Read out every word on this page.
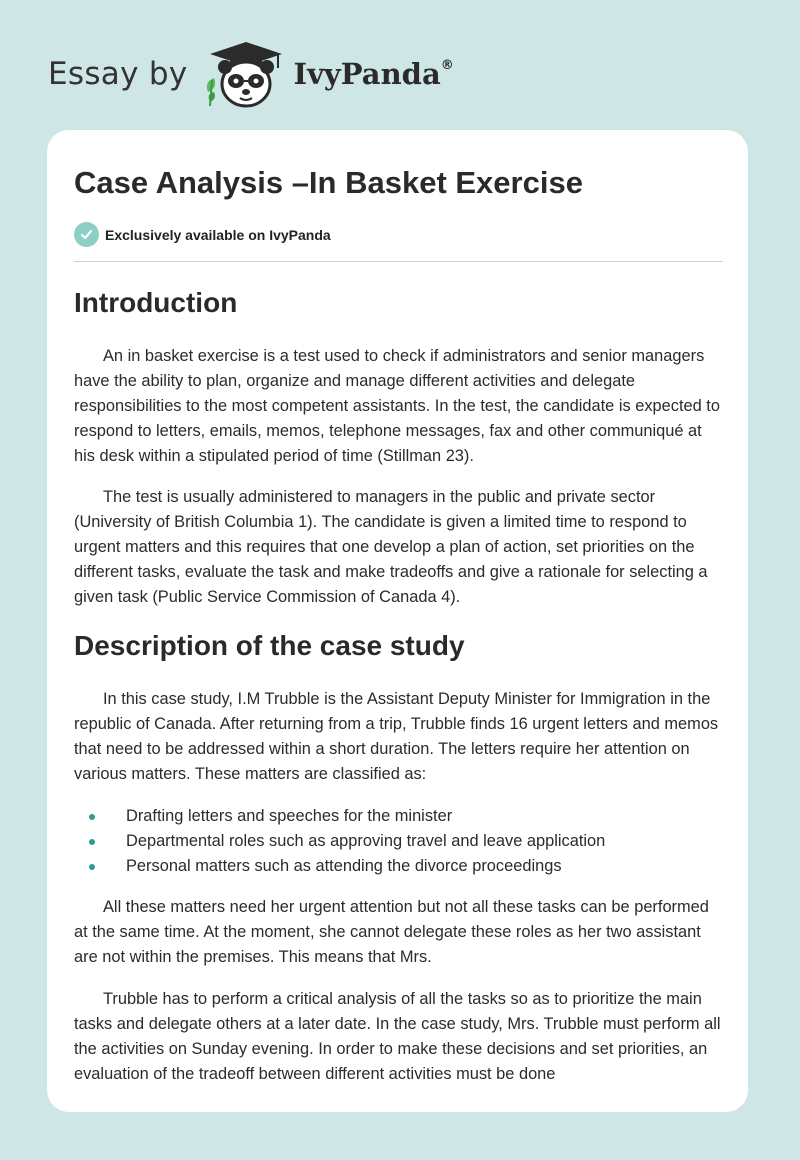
Essay by	IvyPanda®
Case Analysis –In Basket Exercise
Exclusively available on IvyPanda
Introduction

An in basket exercise is a test used to check if administrators and senior managers have the ability to plan, organize and manage different activities and delegate responsibilities to the most competent assistants. In the test, the candidate is expected to respond to letters, emails, memos, telephone messages, fax and other communiqué at his desk within a stipulated period of time (Stillman 23).

The test is usually administered to managers in the public and private sector (University of British Columbia 1). The candidate is given a limited time to respond to urgent matters and this requires that one develop a plan of action, set priorities on the different tasks, evaluate the task and make tradeoffs and give a rationale for selecting a given task (Public Service Commission of Canada 4).

Description of the case study

In this case study, I.M Trubble is the Assistant Deputy Minister for Immigration in the republic of Canada. After returning from a trip, Trubble finds 16 urgent letters and memos that need to be addressed within a short duration. The letters require her attention on various matters. These matters are classified as:

Drafting letters and speeches for the minister
Departmental roles such as approving travel and leave application
Personal matters such as attending the divorce proceedings

All these matters need her urgent attention but not all these tasks can be performed at the same time. At the moment, she cannot delegate these roles as her two assistant are not within the premises. This means that Mrs.

Trubble has to perform a critical analysis of all the tasks so as to prioritize the main tasks and delegate others at a later date. In the case study, Mrs. Trubble must perform all the activities on Sunday evening. In order to make these decisions and set priorities, an evaluation of the tradeoff between different activities must be done
